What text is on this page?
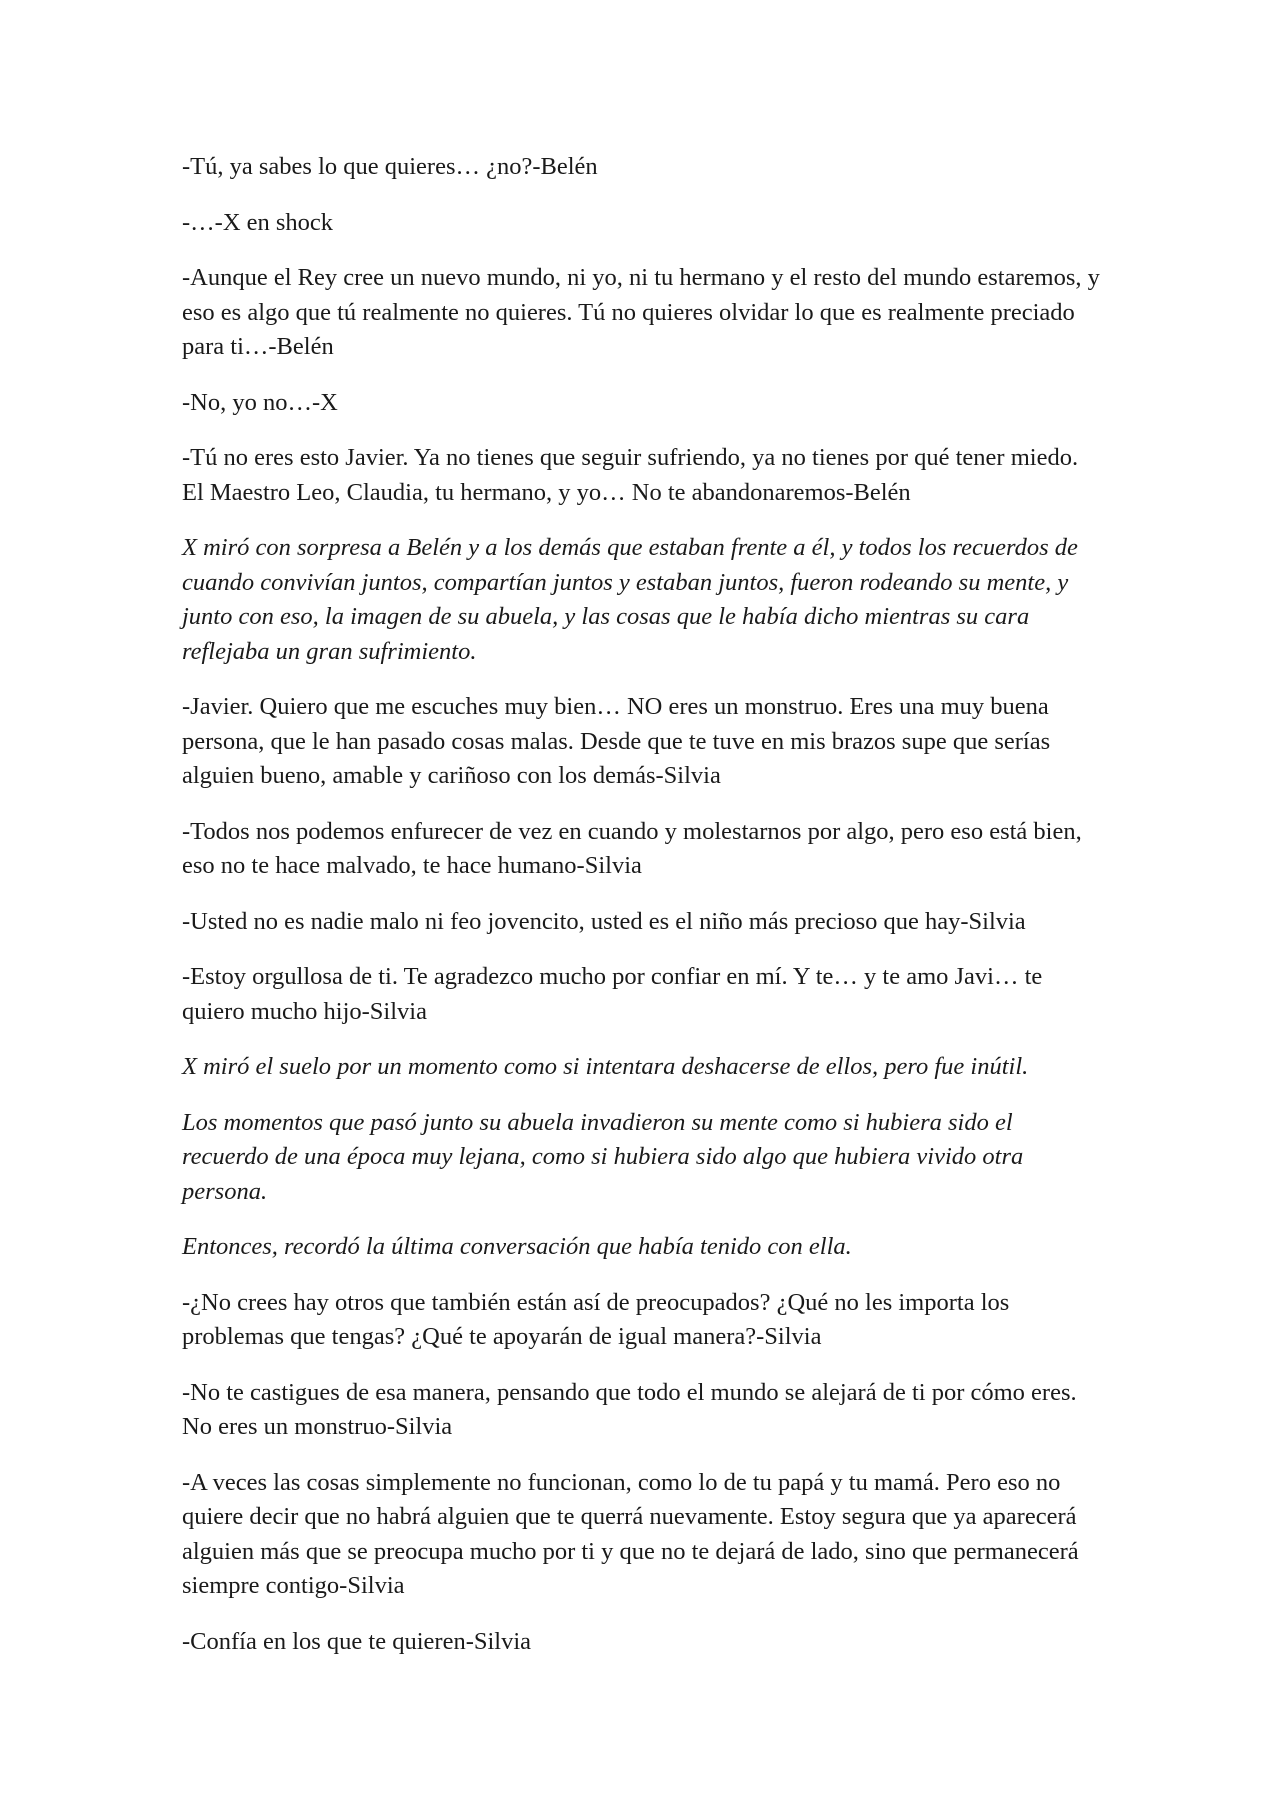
-Tú, ya sabes lo que quieres… ¿no?-Belén

-…-X en shock

-Aunque el Rey cree un nuevo mundo, ni yo, ni tu hermano y el resto del mundo estaremos, y eso es algo que tú realmente no quieres. Tú no quieres olvidar lo que es realmente preciado para ti…-Belén

-No, yo no…-X

-Tú no eres esto Javier. Ya no tienes que seguir sufriendo, ya no tienes por qué tener miedo. El Maestro Leo, Claudia, tu hermano, y yo… No te abandonaremos-Belén

X miró con sorpresa a Belén y a los demás que estaban frente a él, y todos los recuerdos de cuando convivían juntos, compartían juntos y estaban juntos, fueron rodeando su mente, y junto con eso, la imagen de su abuela, y las cosas que le había dicho mientras su cara reflejaba un gran sufrimiento.

-Javier. Quiero que me escuches muy bien… NO eres un monstruo. Eres una muy buena persona, que le han pasado cosas malas. Desde que te tuve en mis brazos supe que serías alguien bueno, amable y cariñoso con los demás-Silvia

-Todos nos podemos enfurecer de vez en cuando y molestarnos por algo, pero eso está bien, eso no te hace malvado, te hace humano-Silvia

-Usted no es nadie malo ni feo jovencito, usted es el niño más precioso que hay-Silvia

-Estoy orgullosa de ti. Te agradezco mucho por confiar en mí. Y te… y te amo Javi… te quiero mucho hijo-Silvia

X miró el suelo por un momento como si intentara deshacerse de ellos, pero fue inútil.

Los momentos que pasó junto su abuela invadieron su mente como si hubiera sido el recuerdo de una época muy lejana, como si hubiera sido algo que hubiera vivido otra persona.

Entonces, recordó la última conversación que había tenido con ella.

-¿No crees hay otros que también están así de preocupados? ¿Qué no les importa los problemas que tengas? ¿Qué te apoyarán de igual manera?-Silvia

-No te castigues de esa manera, pensando que todo el mundo se alejará de ti por cómo eres. No eres un monstruo-Silvia

-A veces las cosas simplemente no funcionan, como lo de tu papá y tu mamá. Pero eso no quiere decir que no habrá alguien que te querrá nuevamente. Estoy segura que ya aparecerá alguien más que se preocupa mucho por ti y que no te dejará de lado, sino que permanecerá siempre contigo-Silvia

-Confía en los que te quieren-Silvia
